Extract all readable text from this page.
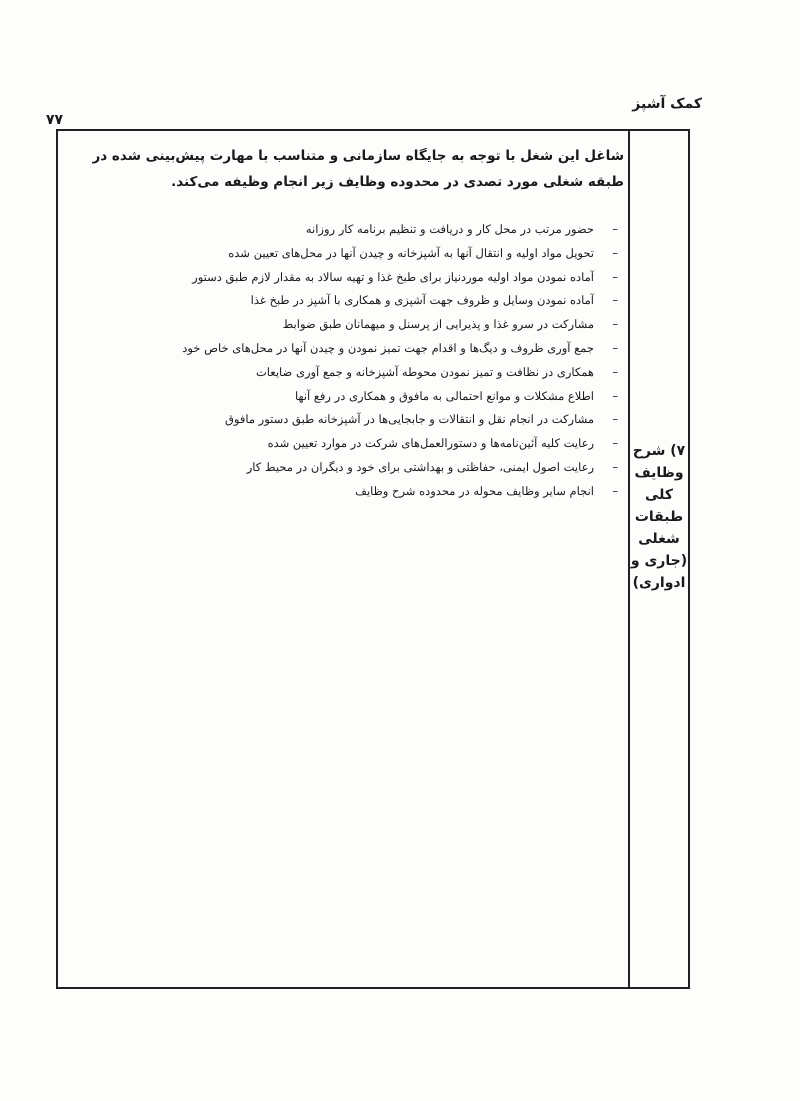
کمک آشپز
۷۷
۷) شرح
وظایف
کلی
طبقات
شغلی
(جاری و
ادواری)
شاغل این شغل با توجه به جایگاه سازمانی و متناسب با مهارت پیش‌بینی شده در طبقه شغلی مورد تصدی در محدوده وظایف زیر انجام وظیفه می‌کند.
–
حضور مرتب در محل کار و دریافت و تنظیم برنامه کار روزانه
–
تحویل مواد اولیه و انتقال آنها به آشپزخانه و چیدن آنها در محل‌های تعیین شده
–
آماده نمودن مواد اولیه موردنیاز برای طبخ غذا و تهیه سالاد به مقدار لازم طبق دستور
–
آماده نمودن وسایل و ظروف جهت آشپزی و همکاری با آشپز در طبخ غذا
–
مشارکت در سرو غذا و پذیرایی از پرسنل و میهمانان طبق ضوابط
–
جمع آوری ظروف و دیگ‌ها و اقدام جهت تمیز نمودن و چیدن آنها در محل‌های خاص خود
–
همکاری در نظافت و تمیز نمودن محوطه آشپزخانه و جمع آوری ضایعات
–
اطلاع مشکلات و موانع احتمالی به مافوق و همکاری در رفع آنها
–
مشارکت در انجام نقل و انتقالات و جابجایی‌ها در آشپزخانه طبق دستور مافوق
–
رعایت کلیه آئین‌نامه‌ها و دستورالعمل‌های شرکت در موارد تعیین شده
–
رعایت اصول ایمنی، حفاظتی و بهداشتی برای خود و دیگران در محیط کار
–
انجام سایر وظایف محوله در محدوده شرح وظایف
